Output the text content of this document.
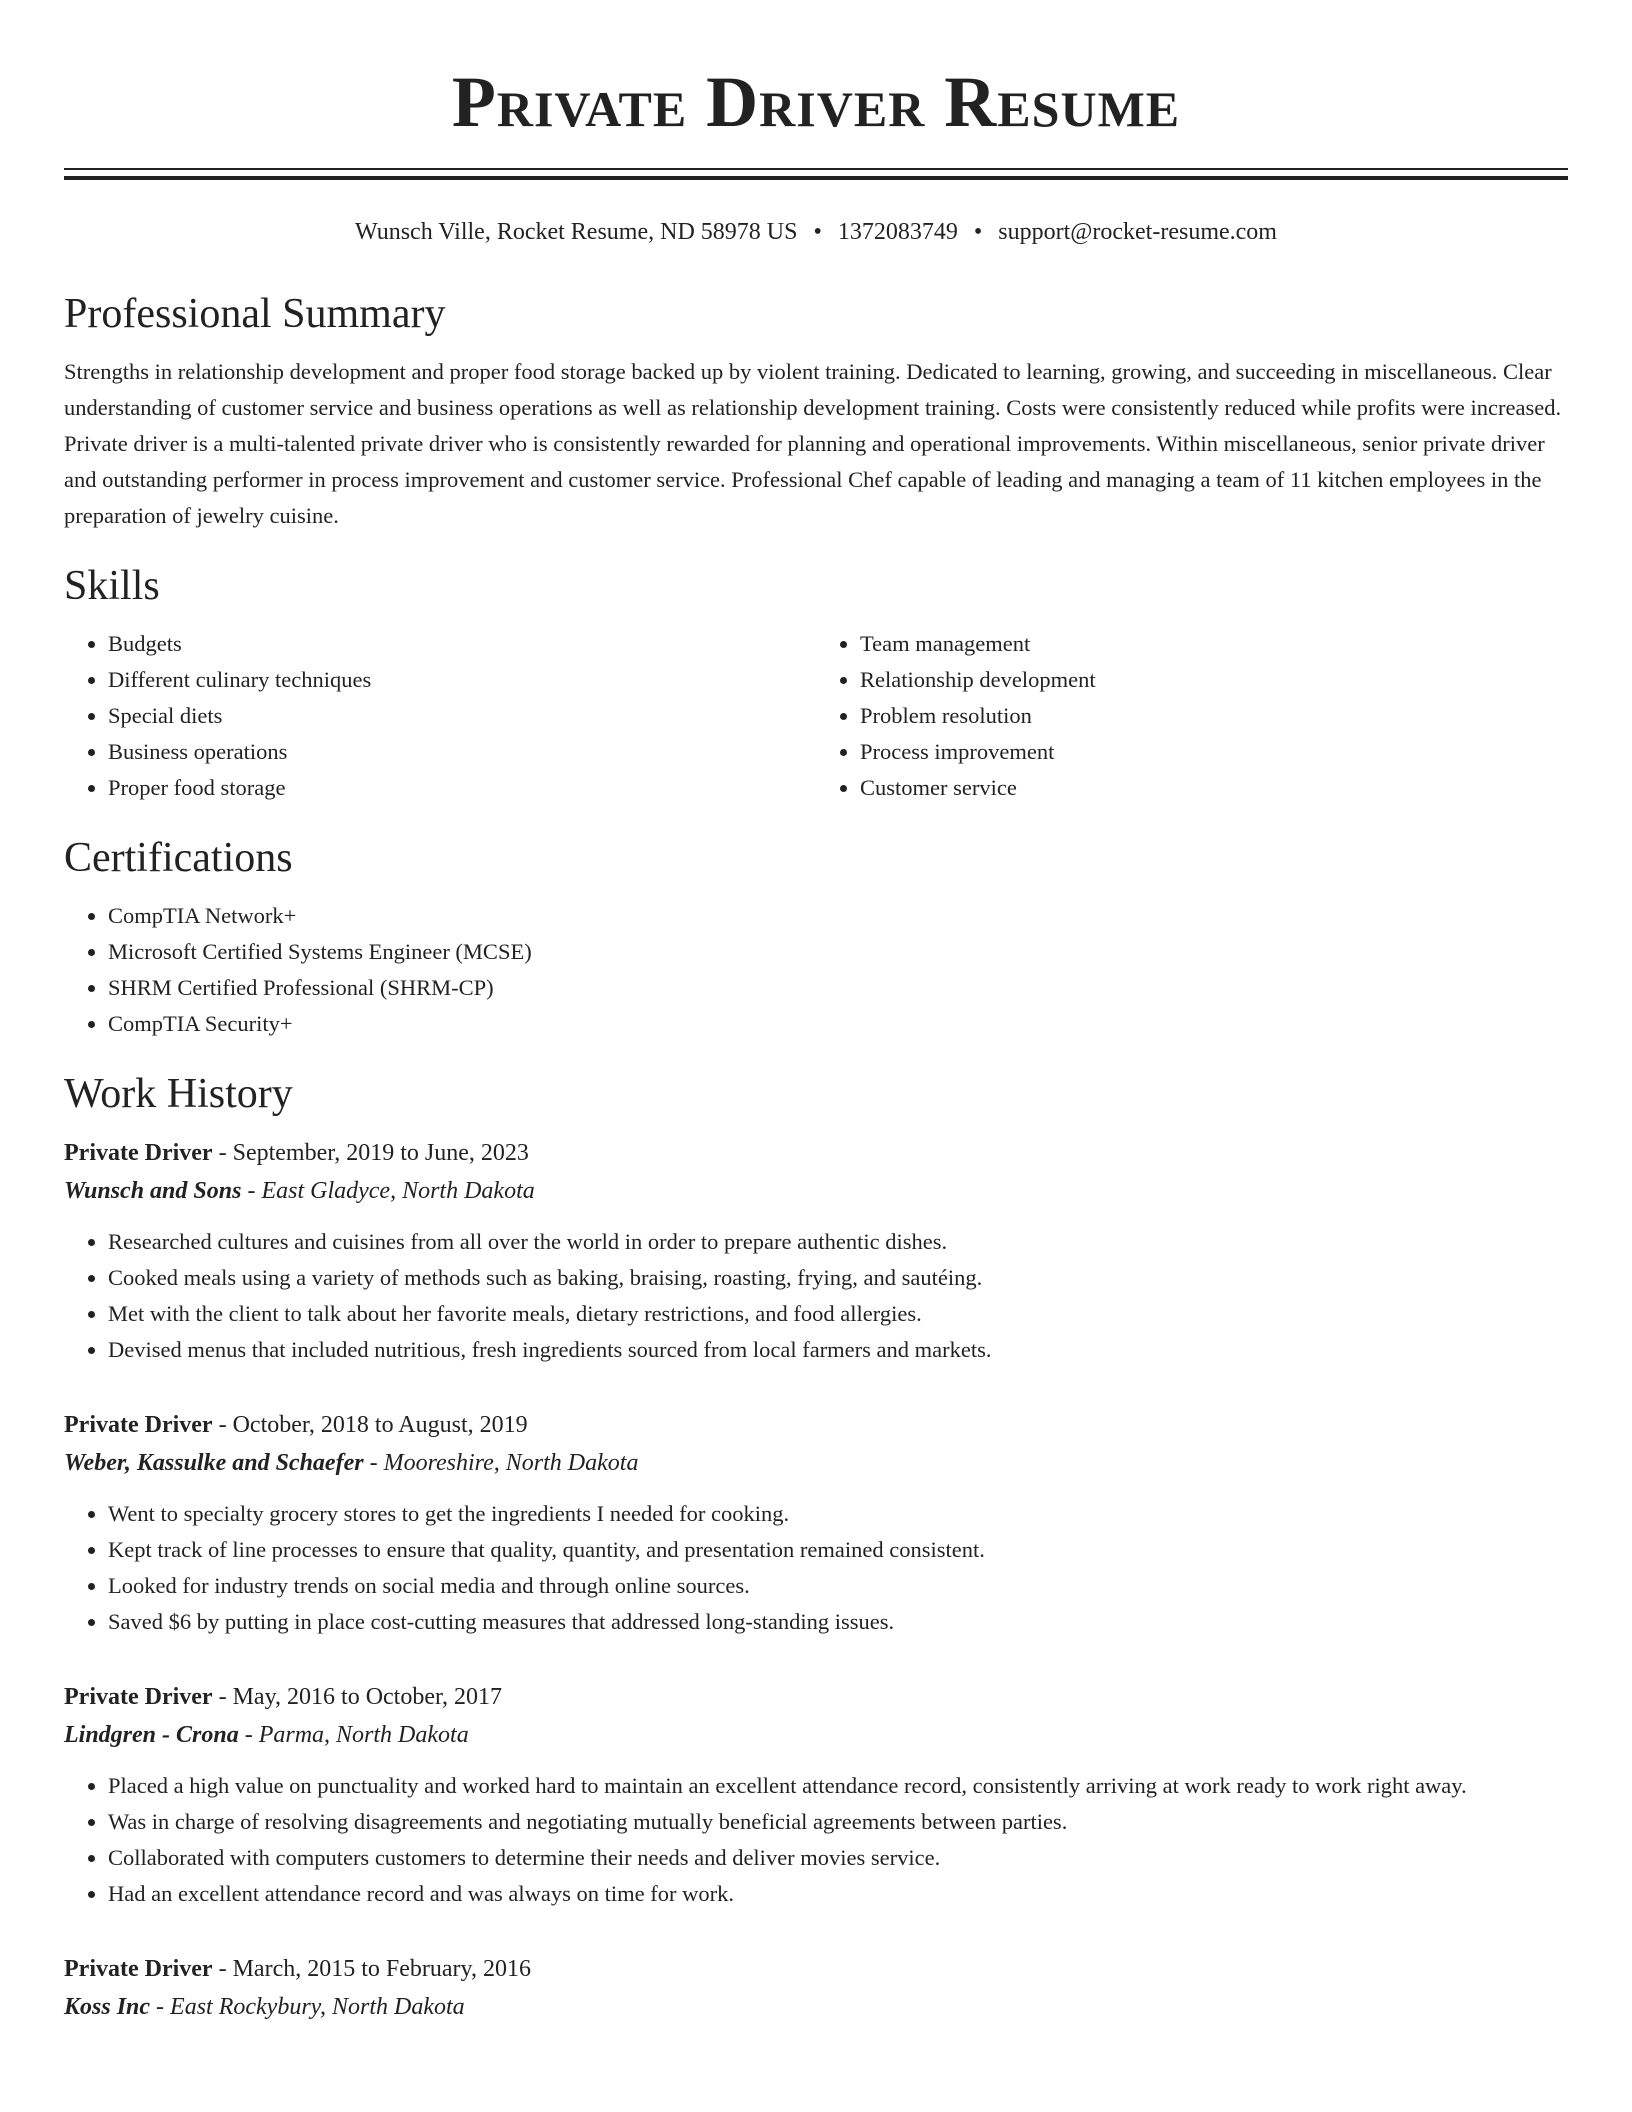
Private Driver Resume
Wunsch Ville, Rocket Resume, ND 58978 US • 1372083749 • support@rocket-resume.com
Professional Summary
Strengths in relationship development and proper food storage backed up by violent training. Dedicated to learning, growing, and succeeding in miscellaneous. Clear understanding of customer service and business operations as well as relationship development training. Costs were consistently reduced while profits were increased. Private driver is a multi-talented private driver who is consistently rewarded for planning and operational improvements. Within miscellaneous, senior private driver and outstanding performer in process improvement and customer service. Professional Chef capable of leading and managing a team of 11 kitchen employees in the preparation of jewelry cuisine.
Skills
• Budgets
• Different culinary techniques
• Special diets
• Business operations
• Proper food storage
• Team management
• Relationship development
• Problem resolution
• Process improvement
• Customer service
Certifications
• CompTIA Network+
• Microsoft Certified Systems Engineer (MCSE)
• SHRM Certified Professional (SHRM-CP)
• CompTIA Security+
Work History
Private Driver - September, 2019 to June, 2023
Wunsch and Sons - East Gladyce, North Dakota
• Researched cultures and cuisines from all over the world in order to prepare authentic dishes.
• Cooked meals using a variety of methods such as baking, braising, roasting, frying, and sautéing.
• Met with the client to talk about her favorite meals, dietary restrictions, and food allergies.
• Devised menus that included nutritious, fresh ingredients sourced from local farmers and markets.
Private Driver - October, 2018 to August, 2019
Weber, Kassulke and Schaefer - Mooreshire, North Dakota
• Went to specialty grocery stores to get the ingredients I needed for cooking.
• Kept track of line processes to ensure that quality, quantity, and presentation remained consistent.
• Looked for industry trends on social media and through online sources.
• Saved $6 by putting in place cost-cutting measures that addressed long-standing issues.
Private Driver - May, 2016 to October, 2017
Lindgren - Crona - Parma, North Dakota
• Placed a high value on punctuality and worked hard to maintain an excellent attendance record, consistently arriving at work ready to work right away.
• Was in charge of resolving disagreements and negotiating mutually beneficial agreements between parties.
• Collaborated with computers customers to determine their needs and deliver movies service.
• Had an excellent attendance record and was always on time for work.
Private Driver - March, 2015 to February, 2016
Koss Inc - East Rockybury, North Dakota
